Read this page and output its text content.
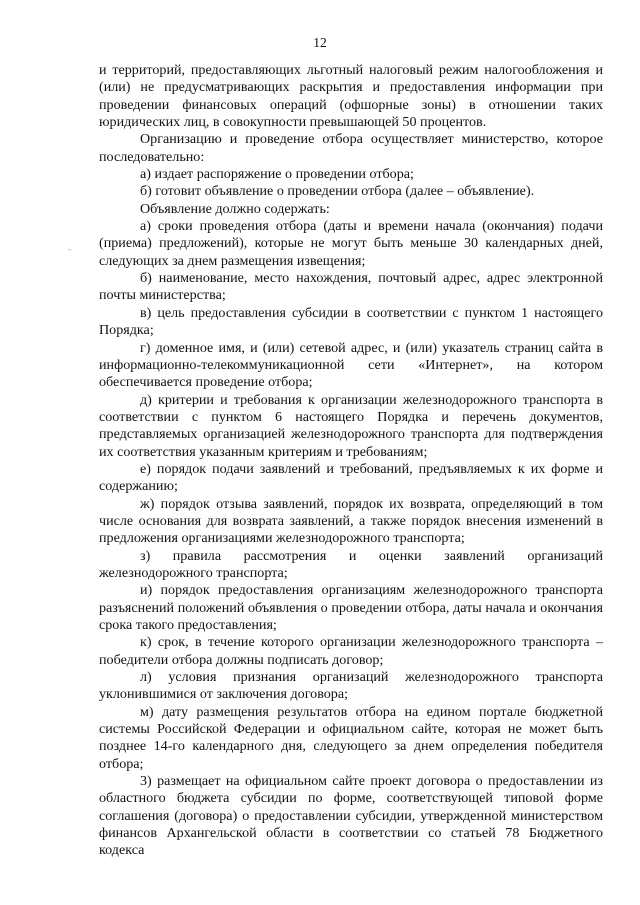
12
-

и территорий, предоставляющих льготный налоговый режим налогообложения и (или) не предусматривающих раскрытия и предоставления информации при проведении финансовых операций (офшорные зоны) в отношении таких юридических лиц, в совокупности превышающей 50 процентов.

Организацию и проведение отбора осуществляет министерство, которое последовательно:

а) издает распоряжение о проведении отбора;

б) готовит объявление о проведении отбора (далее – объявление).

Объявление должно содержать:

а) сроки проведения отбора (даты и времени начала (окончания) подачи (приема) предложений), которые не могут быть меньше 30 календарных дней, следующих за днем размещения извещения;

б) наименование, место нахождения, почтовый адрес, адрес электронной почты министерства;

в) цель предоставления субсидии в соответствии с пунктом 1 настоящего Порядка;

г) доменное имя, и (или) сетевой адрес, и (или) указатель страниц сайта в информационно-телекоммуникационной сети «Интернет», на котором обеспечивается проведение отбора;

д) критерии и требования к организации железнодорожного транспорта в соответствии с пунктом 6 настоящего Порядка и перечень документов, представляемых организацией железнодорожного транспорта для подтверждения их соответствия указанным критериям и требованиям;

е) порядок подачи заявлений и требований, предъявляемых к их форме и содержанию;

ж) порядок отзыва заявлений, порядок их возврата, определяющий в том числе основания для возврата заявлений, а также порядок внесения изменений в предложения организациями железнодорожного транспорта;

з) правила рассмотрения и оценки заявлений организаций железнодорожного транспорта;

и) порядок предоставления организациям железнодорожного транспорта разъяснений положений объявления о проведении отбора, даты начала и окончания срока такого предоставления;

к) срок, в течение которого организации железнодорожного транспорта – победители отбора должны подписать договор;

л) условия признания организаций железнодорожного транспорта уклонившимися от заключения договора;

м) дату размещения результатов отбора на едином портале бюджетной системы Российской Федерации и официальном сайте, которая не может быть позднее 14-го календарного дня, следующего за днем определения победителя отбора;

3) размещает на официальном сайте проект договора о предоставлении из областного бюджета субсидии по форме, соответствующей типовой форме соглашения (договора) о предоставлении субсидии, утвержденной министерством финансов Архангельской области в соответствии со статьей 78 Бюджетного кодекса
